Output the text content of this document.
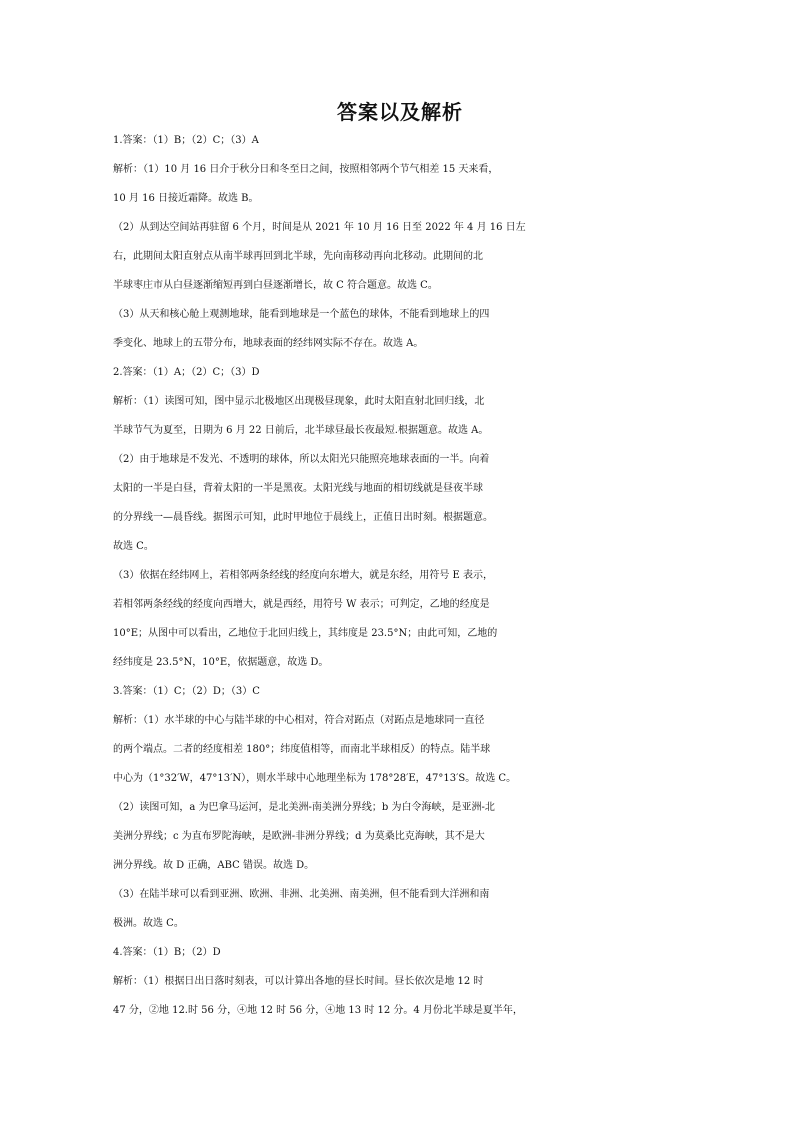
答案以及解析
1.答案：（1）B；（2）C；（3）A
解析：（1）10 月 16 日介于秋分日和冬至日之间，按照相邻两个节气相差 15 天来看，
10 月 16 日接近霜降。故选 B。
（2）从到达空间站再驻留 6 个月，时间是从 2021 年 10 月 16 日至 2022 年 4 月 16 日左
右，此期间太阳直射点从南半球再回到北半球，先向南移动再向北移动。此期间的北
半球枣庄市从白昼逐渐缩短再到白昼逐渐增长，故 C 符合题意。故选 C。
（3）从天和核心舱上观测地球，能看到地球是一个蓝色的球体，不能看到地球上的四
季变化、地球上的五带分布，地球表面的经纬网实际不存在。故选 A。
2.答案：（1）A；（2）C；（3）D
解析：（1）读图可知，图中显示北极地区出现极昼现象，此时太阳直射北回归线，北
半球节气为夏至，日期为 6 月 22 日前后，北半球昼最长夜最短.根据题意。故选 A。
（2）由于地球是不发光、不透明的球体，所以太阳光只能照亮地球表面的一半。向着
太阳的一半是白昼，背着太阳的一半是黑夜。太阳光线与地面的相切线就是昼夜半球
的分界线一—晨昏线。据图示可知，此时甲地位于晨线上，正值日出时刻。根据题意。
故选 C。
（3）依据在经纬网上，若相邻两条经线的经度向东增大，就是东经，用符号 E 表示，
若相邻两条经线的经度向西增大，就是西经，用符号 W 表示；可判定，乙地的经度是
10°E；从图中可以看出，乙地位于北回归线上，其纬度是 23.5°N；由此可知，乙地的
经纬度是 23.5°N，10°E，依据题意，故选 D。
3.答案：（1）C；（2）D；（3）C
解析：（1）水半球的中心与陆半球的中心相对，符合对跖点（对跖点是地球同一直径
的两个端点。二者的经度相差 180°；纬度值相等，而南北半球相反）的特点。陆半球
中心为（1°32′W，47°13′N），则水半球中心地理坐标为 178°28′E，47°13′S。故选 C。
（2）读图可知，a 为巴拿马运河，是北美洲-南美洲分界线；b 为白令海峡，是亚洲-北
美洲分界线；c 为直布罗陀海峡，是欧洲-非洲分界线；d 为莫桑比克海峡，其不是大
洲分界线。故 D 正确，ABC 错误。故选 D。
（3）在陆半球可以看到亚洲、欧洲、非洲、北美洲、南美洲，但不能看到大洋洲和南
极洲。故选 C。
4.答案：（1）B；（2）D
解析：（1）根据日出日落时刻表，可以计算出各地的昼长时间。昼长依次是地 12 时
47 分，②地 12.时 56 分，④地 12 时 56 分，④地 13 时 12 分。4 月份北半球是夏半年，
